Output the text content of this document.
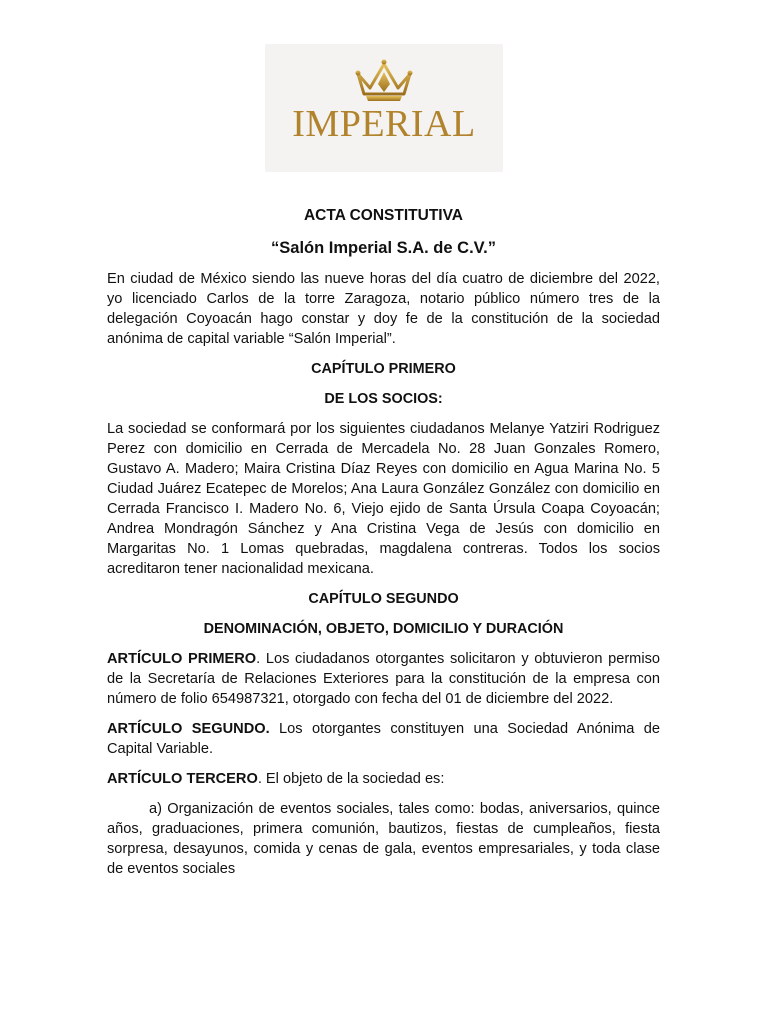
IMPERIAL
ACTA CONSTITUTIVA
“Salón Imperial S.A. de C.V.”

En ciudad de México siendo las nueve horas del día cuatro de diciembre del 2022, yo licenciado Carlos de la torre Zaragoza, notario público número tres de la delegación Coyoacán hago constar y doy fe de la constitución de la sociedad anónima de capital variable “Salón Imperial”.

CAPÍTULO PRIMERO
DE LOS SOCIOS:

La sociedad se conformará por los siguientes ciudadanos Melanye Yatziri Rodriguez Perez con domicilio en Cerrada de Mercadela No. 28 Juan Gonzales Romero, Gustavo A. Madero; Maira Cristina Díaz Reyes con domicilio en Agua Marina No. 5 Ciudad Juárez Ecatepec de Morelos; Ana Laura González González con domicilio en Cerrada Francisco I. Madero No. 6, Viejo ejido de Santa Úrsula Coapa Coyoacán; Andrea Mondragón Sánchez y Ana Cristina Vega de Jesús con domicilio en Margaritas No. 1 Lomas quebradas, magdalena contreras. Todos los socios acreditaron tener nacionalidad mexicana.

CAPÍTULO SEGUNDO
DENOMINACIÓN, OBJETO, DOMICILIO Y DURACIÓN

ARTÍCULO PRIMERO. Los ciudadanos otorgantes solicitaron y obtuvieron permiso de la Secretaría de Relaciones Exteriores para la constitución de la empresa con número de folio 654987321, otorgado con fecha del 01 de diciembre del 2022.

ARTÍCULO SEGUNDO. Los otorgantes constituyen una Sociedad Anónima de Capital Variable.

ARTÍCULO TERCERO. El objeto de la sociedad es:

a) Organización de eventos sociales, tales como: bodas, aniversarios, quince años, graduaciones, primera comunión, bautizos, fiestas de cumpleaños, fiesta sorpresa, desayunos, comida y cenas de gala, eventos empresariales, y toda clase de eventos sociales
